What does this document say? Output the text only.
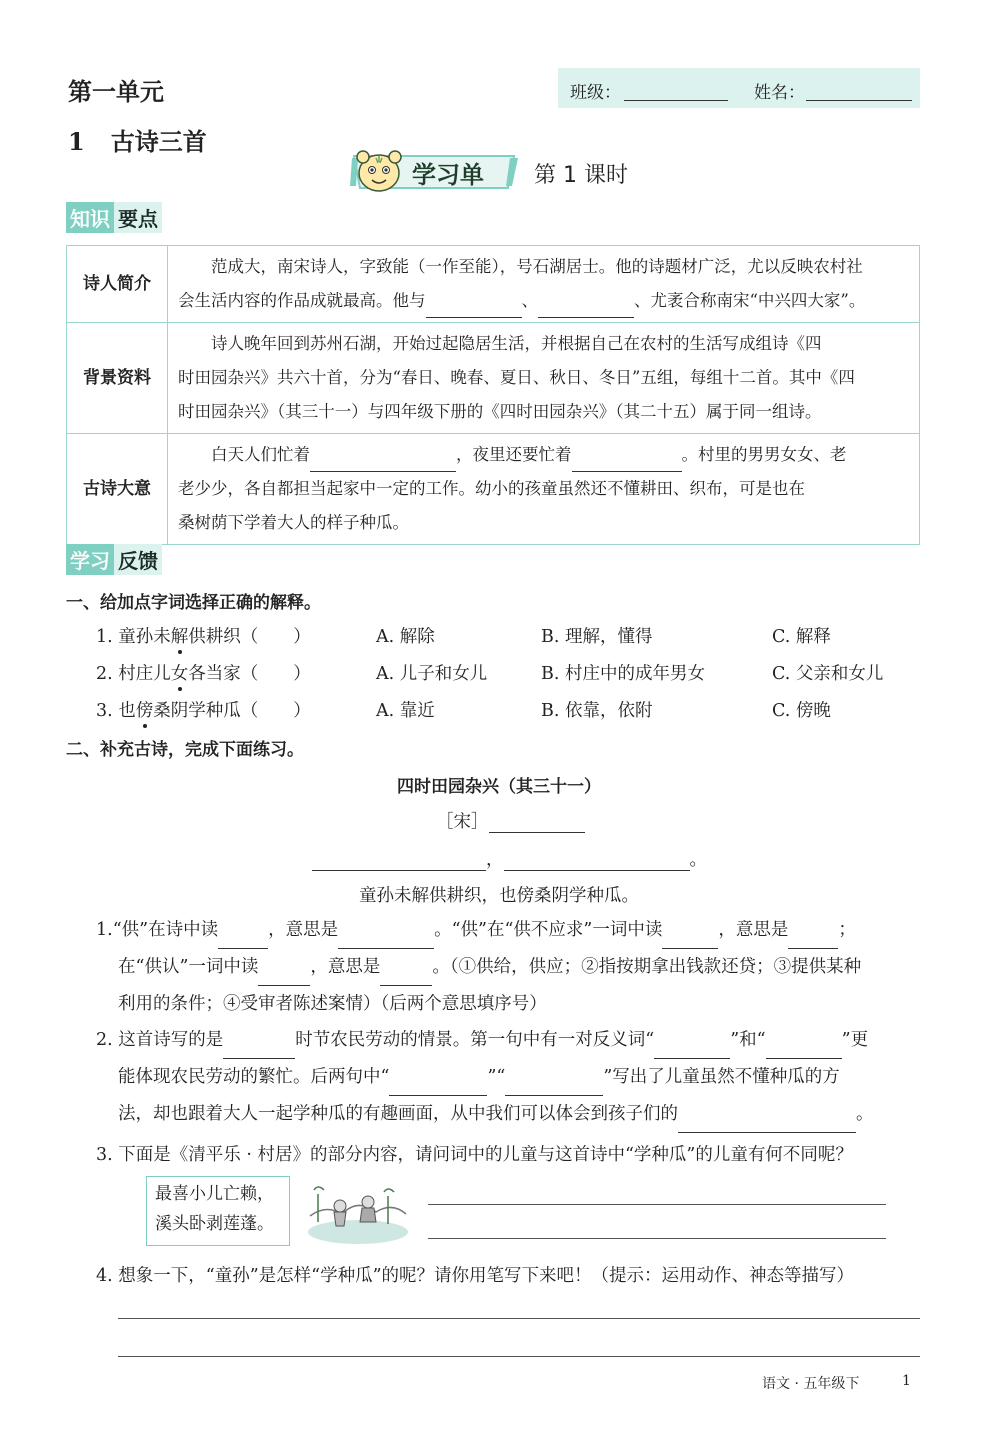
第一单元	班级：	姓名：
1 古诗三首
学习单 第 1 课时
知识 要点
诗人简介	范成大，南宋诗人，字致能（一作至能），号石湖居士。他的诗题材广泛，尤以反映农村社
会生活内容的作品成就最高。他与 、 、尤袤合称南宋“中兴四大家”。

背景资料	诗人晚年回到苏州石湖，开始过起隐居生活，并根据自己在农村的生活写成组诗《四
时田园杂兴》共六十首，分为“春日、晚春、夏日、秋日、冬日”五组，每组十二首。其中《四
时田园杂兴》（其三十一）与四年级下册的《四时田园杂兴》（其二十五）属于同一组诗。

古诗大意	白天人们忙着 ，夜里还要忙着 。村里的男男女女、老
老少少，各自都担当起家中一定的工作。幼小的孩童虽然还不懂耕田、织布，可是也在
桑树荫下学着大人的样子种瓜。
学习 反馈
一、给加点字词选择正确的解释。
1. 童孙未解供耕织（　　）	A. 解除	B. 理解，懂得	C. 解释
2. 村庄儿女各当家（　　）	A. 儿子和女儿	B. 村庄中的成年男女	C. 父亲和女儿
3. 也傍桑阴学种瓜（　　）	A. 靠近	B. 依靠，依附	C. 傍晚
二、补充古诗，完成下面练习。
四时田园杂兴（其三十一）
［宋］
，	。
童孙未解供耕织，也傍桑阴学种瓜。
1.“供”在诗中读	，意思是	。“供”在“供不应求”一词中读	，意思是	；
在“供认”一词中读	，意思是	。（①供给，供应；②指按期拿出钱款还贷；③提供某种
利用的条件；④受审者陈述案情）（后两个意思填序号）
2. 这首诗写的是	时节农民劳动的情景。第一句中有一对反义词“	”和“	”更
能体现农民劳动的繁忙。后两句中“	”“	”写出了儿童虽然不懂种瓜的方
法，却也跟着大人一起学种瓜的有趣画面，从中我们可以体会到孩子们的	。
3. 下面是《清平乐 · 村居》的部分内容，请问词中的儿童与这首诗中“学种瓜”的儿童有何不同呢？
最喜小儿亡赖，
溪头卧剥莲蓬。
4. 想象一下，“童孙”是怎样“学种瓜”的呢？请你用笔写下来吧！（提示：运用动作、神态等描写）
语文 · 五年级下	1
